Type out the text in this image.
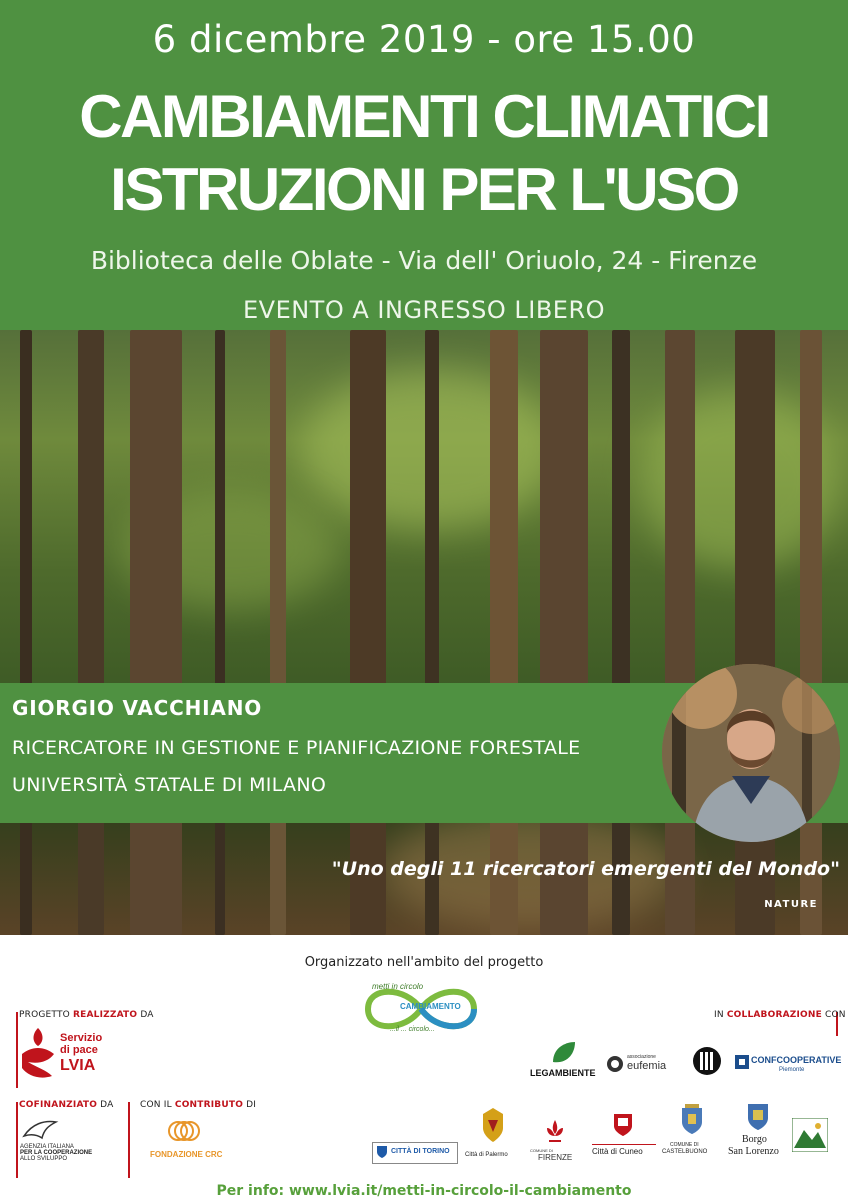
6 dicembre 2019 - ore 15.00
CAMBIAMENTI CLIMATICI
ISTRUZIONI PER L'USO
Biblioteca delle Oblate - Via dell' Oriuolo, 24 - Firenze
EVENTO A INGRESSO LIBERO
GIORGIO VACCHIANO
RICERCATORE IN GESTIONE E PIANIFICAZIONE FORESTALE
UNIVERSITÀ STATALE DI MILANO
"Uno degli 11 ricercatori emergenti del Mondo"
NATURE
Organizzato nell'ambito del progetto
metti in circolo
CAMBIAMENTO
...il ... circolo...
PROGETTO REALIZZATO DA
Servizio
di pace
LVIA
COFINANZIATO DA
AGENZIA ITALIANA
PER LA COOPERAZIONE
ALLO SVILUPPO
CON IL CONTRIBUTO DI
FONDAZIONE CRC
IN COLLABORAZIONE CON
LEGAMBIENTE
associazione
eufemia	CONFCOOPERATIVE
Piemonte
CITTÀ DI TORINO	Città di Palermo
COMUNE DI
FIRENZE
Città di Cuneo
COMUNE DI
CASTELBUONO
Borgo
San Lorenzo
Per info: www.lvia.it/metti-in-circolo-il-cambiamento
